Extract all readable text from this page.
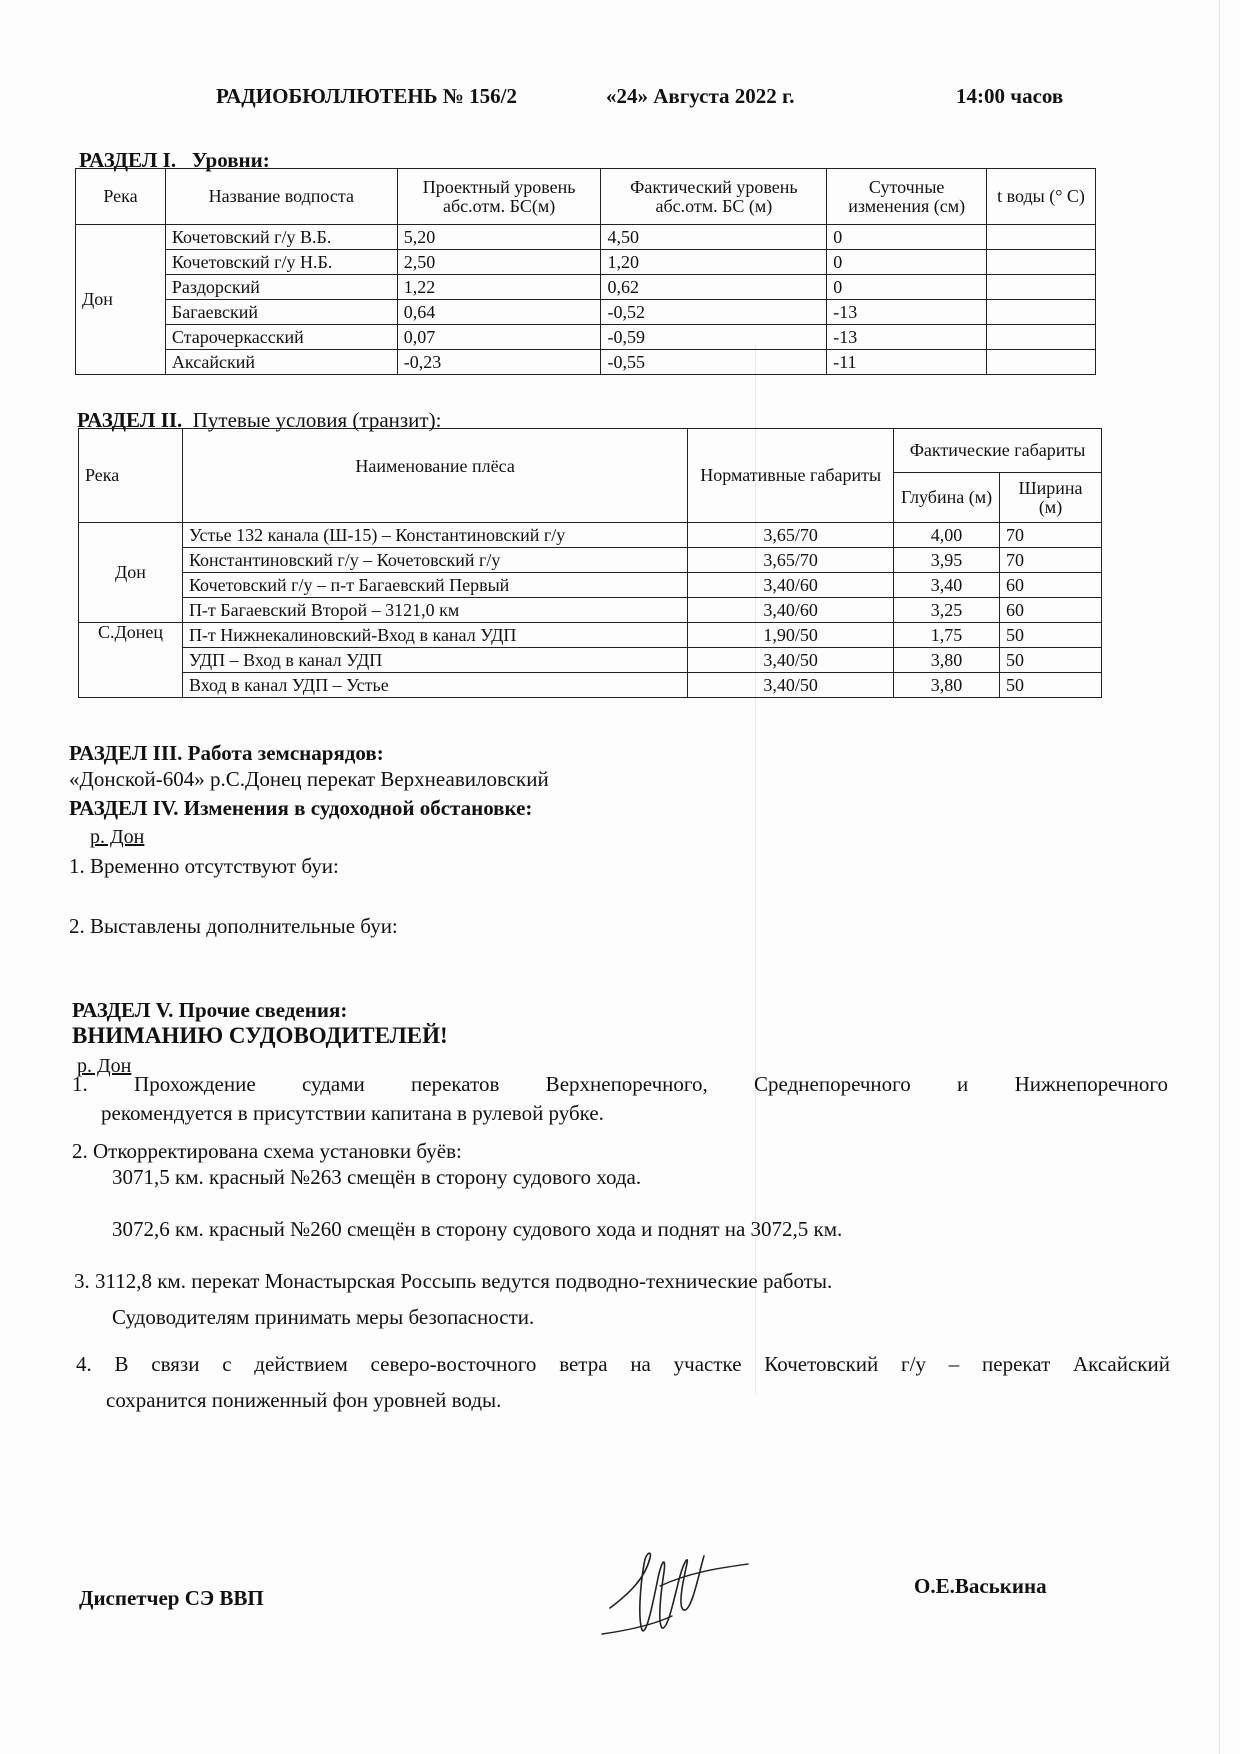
РАДИОБЮЛЛЮТЕНЬ № 156/2	«24» Августа 2022 г.	14:00 часов
РАЗДЕЛ I. Уровни:
Река	Название водпоста	Проектный уровень абс.отм. БС(м)	Фактический уровень абс.отм. БС (м)	Суточные изменения (см)	t воды (° С)
Дон	Кочетовский г/у В.Б.	5,20	4,50	0	
	Кочетовский г/у Н.Б.	2,50	1,20	0	
	Раздорский	1,22	0,62	0	
	Багаевский	0,64	-0,52	-13	
	Старочеркасский	0,07	-0,59	-13	
	Аксайский	-0,23	-0,55	-11	
РАЗДЕЛ II. Путевые условия (транзит):
Река	Наименование плёса	Нормативные габариты	Фактические габариты	
			Глубина (м)	Ширина (м)
Дон	Устье 132 канала (Ш-15) – Константиновский г/у	3,65/70	4,00	70
	Константиновский г/у – Кочетовский г/у	3,65/70	3,95	70
	Кочетовский г/у – п-т Багаевский Первый	3,40/60	3,40	60
	П-т Багаевский Второй – 3121,0 км	3,40/60	3,25	60
С.Донец	П-т Нижнекалиновский-Вход в канал УДП	1,90/50	1,75	50
	УДП – Вход в канал УДП	3,40/50	3,80	50
	Вход в канал УДП – Устье	3,40/50	3,80	50
РАЗДЕЛ III. Работа земснарядов:
«Донской-604» р.С.Донец перекат Верхнеавиловский
РАЗДЕЛ IV. Изменения в судоходной обстановке:
р. Дон
1. Временно отсутствуют буи:
2. Выставлены дополнительные буи:
РАЗДЕЛ V. Прочие сведения:
ВНИМАНИЮ СУДОВОДИТЕЛЕЙ!
р. Дон
1. Прохождение судами перекатов Верхнепоречного, Среднепоречного и Нижнепоречного
рекомендуется в присутствии капитана в рулевой рубке.
2. Откорректирована схема установки буёв:
3071,5 км. красный №263 смещён в сторону судового хода.
3072,6 км. красный №260 смещён в сторону судового хода и поднят на 3072,5 км.
3. 3112,8 км. перекат Монастырская Россыпь ведутся подводно-технические работы.
Судоводителям принимать меры безопасности.
4. В связи с действием северо-восточного ветра на участке Кочетовский г/у – перекат Аксайский
сохранится пониженный фон уровней воды.
Диспетчер СЭ ВВП	О.Е.Васькина
